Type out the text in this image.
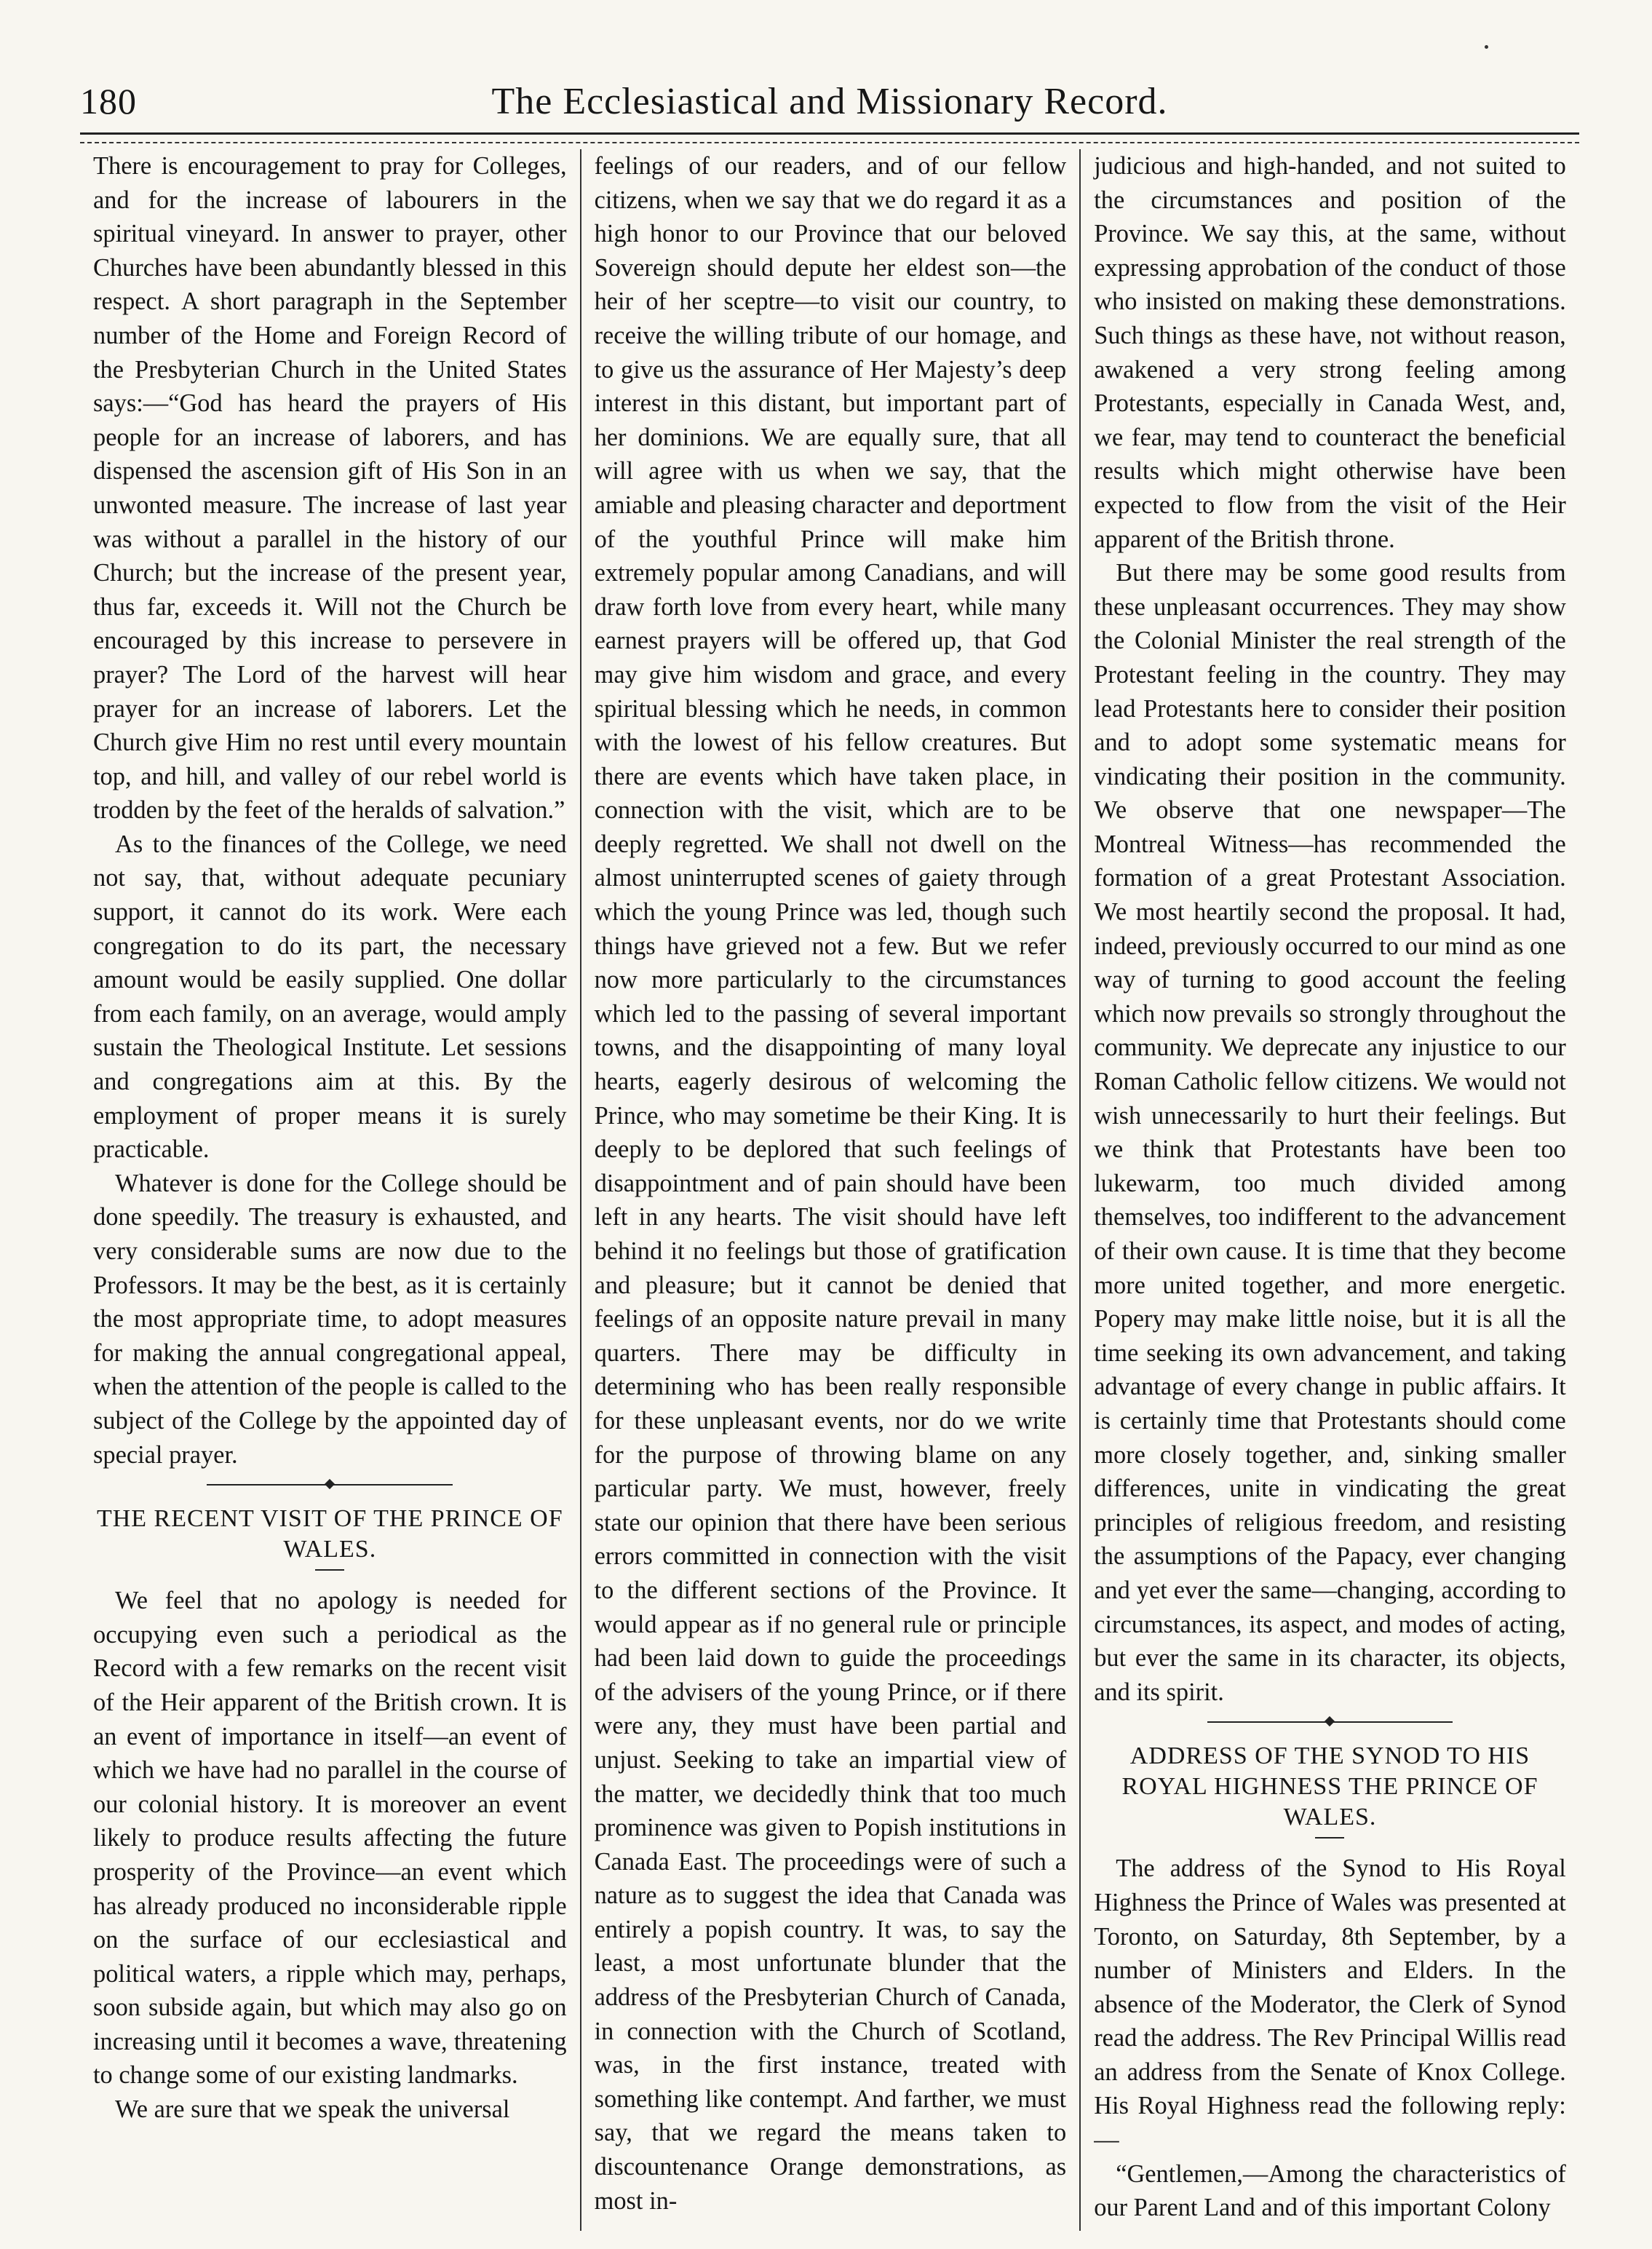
180	The Ecclesiastical and Missionary Record.

There is encouragement to pray for Colleges, and for the increase of labourers in the spiritual vineyard. In answer to prayer, other Churches have been abundantly blessed in this respect. A short paragraph in the September number of the Home and Foreign Record of the Presbyterian Church in the United States says:—“God has heard the prayers of His people for an increase of laborers, and has dispensed the ascension gift of His Son in an unwonted measure. The increase of last year was without a parallel in the history of our Church; but the increase of the present year, thus far, exceeds it. Will not the Church be encouraged by this increase to persevere in prayer? The Lord of the harvest will hear prayer for an increase of laborers. Let the Church give Him no rest until every mountain top, and hill, and valley of our rebel world is trodden by the feet of the heralds of salvation.”

As to the finances of the College, we need not say, that, without adequate pecuniary support, it cannot do its work. Were each congregation to do its part, the necessary amount would be easily supplied. One dollar from each family, on an average, would amply sustain the Theological Institute. Let sessions and congregations aim at this. By the employment of proper means it is surely practicable.

Whatever is done for the College should be done speedily. The treasury is exhausted, and very considerable sums are now due to the Professors. It may be the best, as it is certainly the most appropriate time, to adopt measures for making the annual congregational appeal, when the attention of the people is called to the subject of the College by the appointed day of special prayer.

THE RECENT VISIT OF THE PRINCE OF WALES.

We feel that no apology is needed for occupying even such a periodical as the Record with a few remarks on the recent visit of the Heir apparent of the British crown. It is an event of importance in itself—an event of which we have had no parallel in the course of our colonial history. It is moreover an event likely to produce results affecting the future prosperity of the Province—an event which has already produced no inconsiderable ripple on the surface of our ecclesiastical and political waters, a ripple which may, perhaps, soon subside again, but which may also go on increasing until it becomes a wave, threatening to change some of our existing landmarks.

We are sure that we speak the universal

feelings of our readers, and of our fellow citizens, when we say that we do regard it as a high honor to our Province that our beloved Sovereign should depute her eldest son—the heir of her sceptre—to visit our country, to receive the willing tribute of our homage, and to give us the assurance of Her Majesty’s deep interest in this distant, but important part of her dominions. We are equally sure, that all will agree with us when we say, that the amiable and pleasing character and deportment of the youthful Prince will make him extremely popular among Canadians, and will draw forth love from every heart, while many earnest prayers will be offered up, that God may give him wisdom and grace, and every spiritual blessing which he needs, in common with the lowest of his fellow creatures. But there are events which have taken place, in connection with the visit, which are to be deeply regretted. We shall not dwell on the almost uninterrupted scenes of gaiety through which the young Prince was led, though such things have grieved not a few. But we refer now more particularly to the circumstances which led to the passing of several important towns, and the disappointing of many loyal hearts, eagerly desirous of welcoming the Prince, who may sometime be their King. It is deeply to be deplored that such feelings of disappointment and of pain should have been left in any hearts. The visit should have left behind it no feelings but those of gratification and pleasure; but it cannot be denied that feelings of an opposite nature prevail in many quarters. There may be difficulty in determining who has been really responsible for these unpleasant events, nor do we write for the purpose of throwing blame on any particular party. We must, however, freely state our opinion that there have been serious errors committed in connection with the visit to the different sections of the Province. It would appear as if no general rule or principle had been laid down to guide the proceedings of the advisers of the young Prince, or if there were any, they must have been partial and unjust. Seeking to take an impartial view of the matter, we decidedly think that too much prominence was given to Popish institutions in Canada East. The proceedings were of such a nature as to suggest the idea that Canada was entirely a popish country. It was, to say the least, a most unfortunate blunder that the address of the Presbyterian Church of Canada, in connection with the Church of Scotland, was, in the first instance, treated with something like contempt. And farther, we must say, that we regard the means taken to discountenance Orange demonstrations, as most in-

judicious and high-handed, and not suited to the circumstances and position of the Province. We say this, at the same, without expressing approbation of the conduct of those who insisted on making these demonstrations. Such things as these have, not without reason, awakened a very strong feeling among Protestants, especially in Canada West, and, we fear, may tend to counteract the beneficial results which might otherwise have been expected to flow from the visit of the Heir apparent of the British throne.

But there may be some good results from these unpleasant occurrences. They may show the Colonial Minister the real strength of the Protestant feeling in the country. They may lead Protestants here to consider their position and to adopt some systematic means for vindicating their position in the community. We observe that one newspaper—The Montreal Witness—has recommended the formation of a great Protestant Association. We most heartily second the proposal. It had, indeed, previously occurred to our mind as one way of turning to good account the feeling which now prevails so strongly throughout the community. We deprecate any injustice to our Roman Catholic fellow citizens. We would not wish unnecessarily to hurt their feelings. But we think that Protestants have been too lukewarm, too much divided among themselves, too indifferent to the advancement of their own cause. It is time that they become more united together, and more energetic. Popery may make little noise, but it is all the time seeking its own advancement, and taking advantage of every change in public affairs. It is certainly time that Protestants should come more closely together, and, sinking smaller differences, unite in vindicating the great principles of religious freedom, and resisting the assumptions of the Papacy, ever changing and yet ever the same—changing, according to circumstances, its aspect, and modes of acting, but ever the same in its character, its objects, and its spirit.

ADDRESS OF THE SYNOD TO HIS ROYAL HIGHNESS THE PRINCE OF WALES.

The address of the Synod to His Royal Highness the Prince of Wales was presented at Toronto, on Saturday, 8th September, by a number of Ministers and Elders. In the absence of the Moderator, the Clerk of Synod read the address. The Rev Principal Willis read an address from the Senate of Knox College. His Royal Highness read the following reply:—

“Gentlemen,—Among the characteristics of our Parent Land and of this important Colony
